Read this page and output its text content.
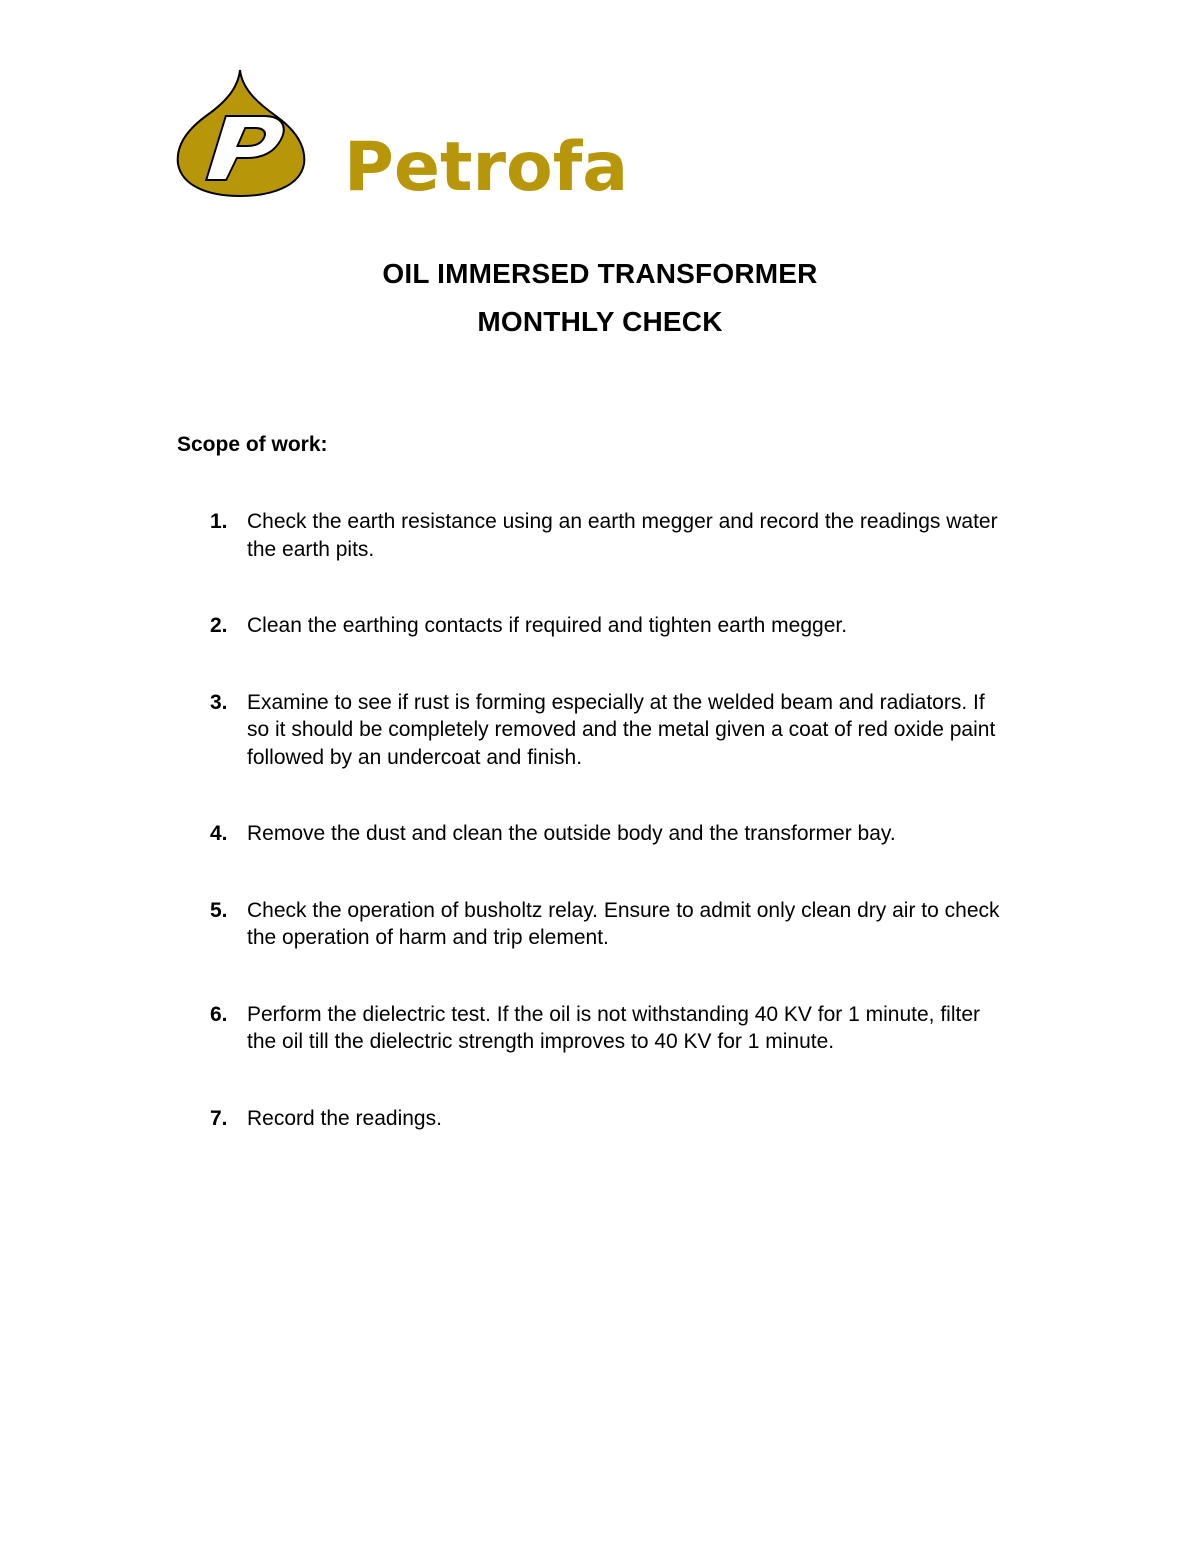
Petrofa
OIL IMMERSED TRANSFORMER
MONTHLY CHECK
Scope of work:
1. Check the earth resistance using an earth megger and record the readings water the earth pits.
2. Clean the earthing contacts if required and tighten earth megger.
3. Examine to see if rust is forming especially at the welded beam and radiators. If so it should be completely removed and the metal given a coat of red oxide paint followed by an undercoat and finish.
4. Remove the dust and clean the outside body and the transformer bay.
5. Check the operation of busholtz relay. Ensure to admit only clean dry air to check the operation of harm and trip element.
6. Perform the dielectric test. If the oil is not withstanding 40 KV for 1 minute, filter the oil till the dielectric strength improves to 40 KV for 1 minute.
7. Record the readings.
